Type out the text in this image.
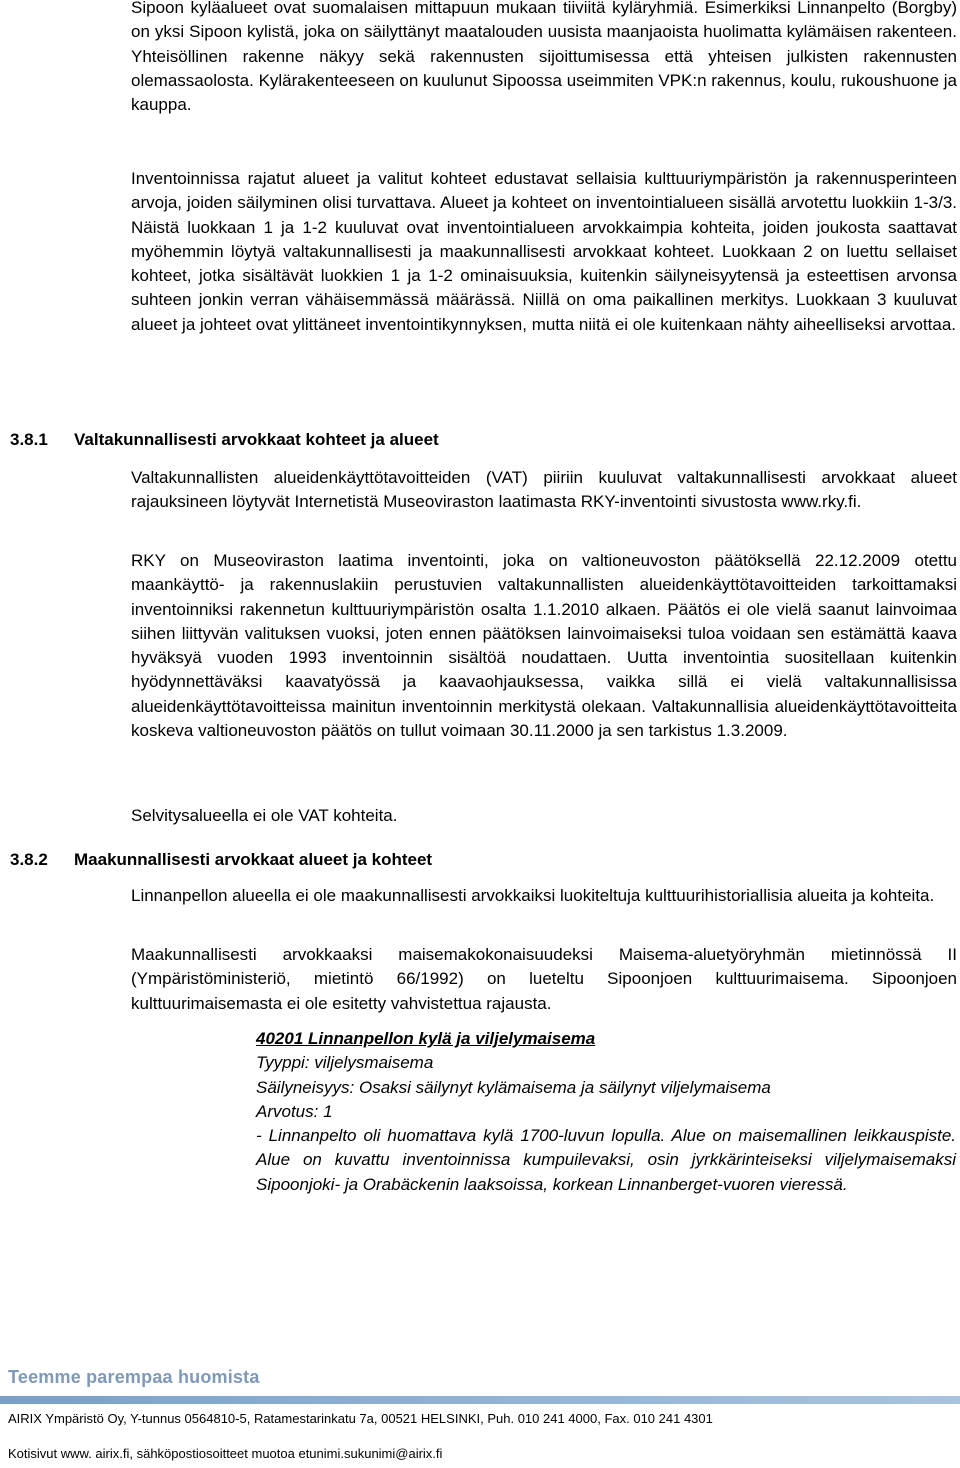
Sipoon kyläalueet ovat suomalaisen mittapuun mukaan tiiviitä kyläryhmiä. Esimerkiksi Linnanpelto (Borgby) on yksi Sipoon kylistä, joka on säilyttänyt maatalouden uusista maanjaoista huolimatta kylämäisen rakenteen. Yhteisöllinen rakenne näkyy sekä rakennusten sijoittumisessa että yhteisen julkisten rakennusten olemassaolosta. Kylärakenteeseen on kuulunut Sipoossa useimmiten VPK:n rakennus, koulu, rukoushuone ja kauppa.

Inventoinnissa rajatut alueet ja valitut kohteet edustavat sellaisia kulttuuriympäristön ja rakennusperinteen arvoja, joiden säilyminen olisi turvattava. Alueet ja kohteet on inventointialueen sisällä arvotettu luokkiin 1-3/3. Näistä luokkaan 1 ja 1-2 kuuluvat ovat inventointialueen arvokkaimpia kohteita, joiden joukosta saattavat myöhemmin löytyä valtakunnallisesti ja maakunnallisesti arvokkaat kohteet. Luokkaan 2 on luettu sellaiset kohteet, jotka sisältävät luokkien 1 ja 1-2 ominaisuuksia, kuitenkin säilyneisyytensä ja esteettisen arvonsa suhteen jonkin verran vähäisemmässä määrässä. Niillä on oma paikallinen merkitys. Luokkaan 3 kuuluvat alueet ja johteet ovat ylittäneet inventointikynnyksen, mutta niitä ei ole kuitenkaan nähty aiheelliseksi arvottaa.

3.8.1 Valtakunnallisesti arvokkaat kohteet ja alueet

Valtakunnallisten alueidenkäyttötavoitteiden (VAT) piiriin kuuluvat valtakunnallisesti arvokkaat alueet rajauksineen löytyvät Internetistä Museoviraston laatimasta RKY-inventointi sivustosta www.rky.fi.

RKY on Museoviraston laatima inventointi, joka on valtioneuvoston päätöksellä 22.12.2009 otettu maankäyttö- ja rakennuslakiin perustuvien valtakunnallisten alueidenkäyttötavoitteiden tarkoittamaksi inventoinniksi rakennetun kulttuuriympäristön osalta 1.1.2010 alkaen. Päätös ei ole vielä saanut lainvoimaa siihen liittyvän valituksen vuoksi, joten ennen päätöksen lainvoimaiseksi tuloa voidaan sen estämättä kaava hyväksyä vuoden 1993 inventoinnin sisältöä noudattaen. Uutta inventointia suositellaan kuitenkin hyödynnettäväksi kaavatyössä ja kaavaohjauksessa, vaikka sillä ei vielä valtakunnallisissa alueidenkäyttötavoitteissa mainitun inventoinnin merkitystä olekaan. Valtakunnallisia alueidenkäyttötavoitteita koskeva valtioneuvoston päätös on tullut voimaan 30.11.2000 ja sen tarkistus 1.3.2009.

Selvitysalueella ei ole VAT kohteita.

3.8.2 Maakunnallisesti arvokkaat alueet ja kohteet

Linnanpellon alueella ei ole maakunnallisesti arvokkaiksi luokiteltuja kulttuurihistoriallisia alueita ja kohteita.

Maakunnallisesti arvokkaaksi maisemakokonaisuudeksi Maisema-aluetyöryhmän mietinnössä II (Ympäristöministeriö, mietintö 66/1992) on lueteltu Sipoonjoen kulttuurimaisema. Sipoonjoen kulttuurimaisemasta ei ole esitetty vahvistettua rajausta.

40201 Linnanpellon kylä ja viljelymaisema
Tyyppi: viljelysmaisema
Säilyneisyys: Osaksi säilynyt kylämaisema ja säilynyt viljelymaisema
Arvotus: 1
- Linnanpelto oli huomattava kylä 1700-luvun lopulla. Alue on maisemallinen leikkauspiste. Alue on kuvattu inventoinnissa kumpuilevaksi, osin jyrkkärinteiseksi viljelymaisemaksi Sipoonjoki- ja Orabäckenin laaksoissa, korkean Linnanberget-vuoren vieressä.
Teemme parempaa huomista
AIRIX Ympäristö Oy, Y-tunnus 0564810-5, Ratamestarinkatu 7a, 00521 HELSINKI, Puh. 010 241 4000, Fax. 010 241 4301
Kotisivut www. airix.fi, sähköpostiosoitteet muotoa etunimi.sukunimi@airix.fi
